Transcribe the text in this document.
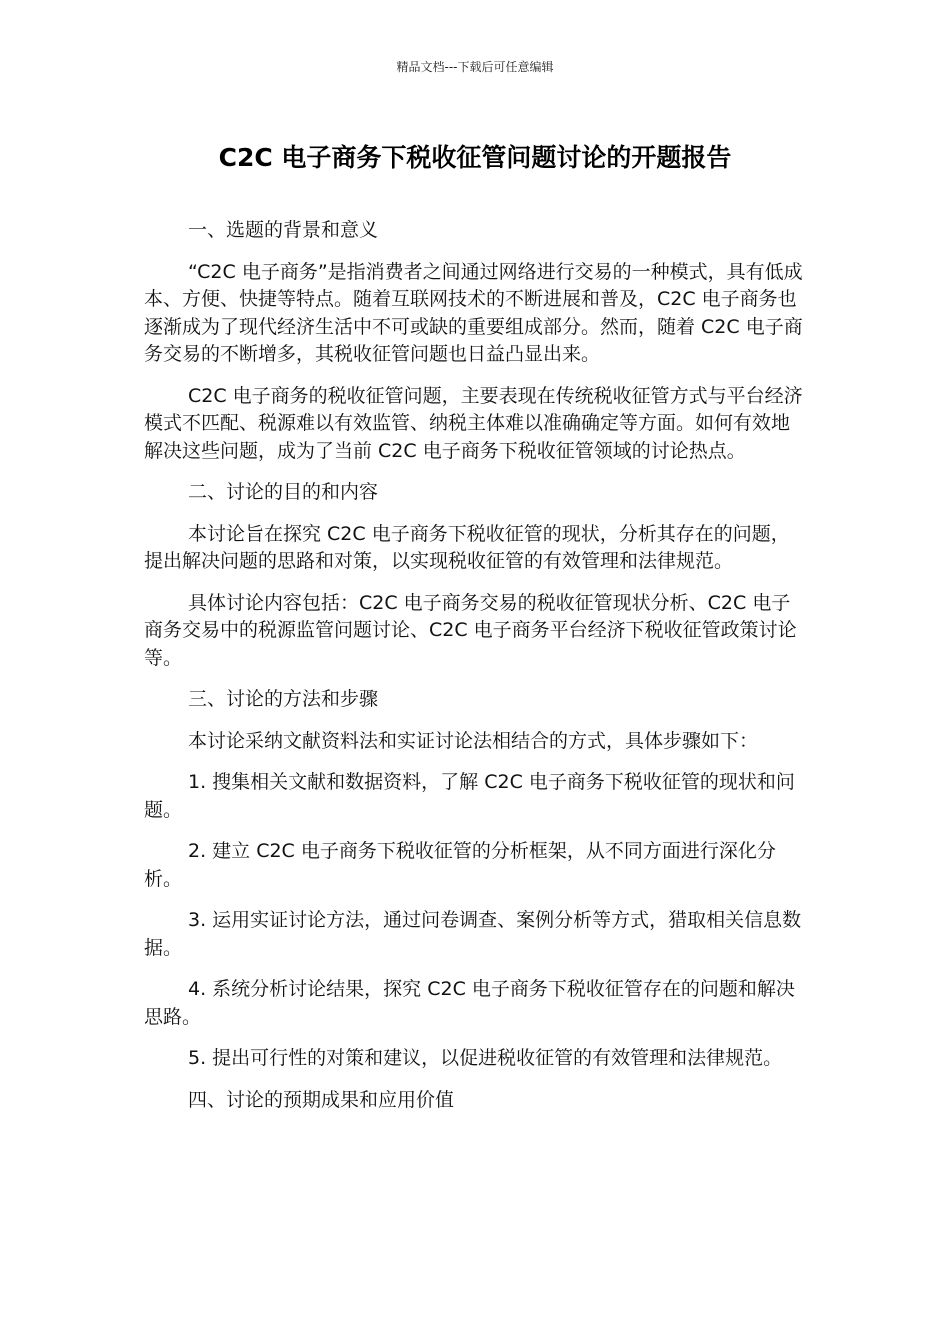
精品文档---下载后可任意编辑
C2C 电子商务下税收征管问题讨论的开题报告

一、选题的背景和意义

“C2C 电子商务”是指消费者之间通过网络进行交易的一种模式，具有低成本、方便、快捷等特点。随着互联网技术的不断进展和普及，C2C 电子商务也逐渐成为了现代经济生活中不可或缺的重要组成部分。然而，随着 C2C 电子商务交易的不断增多，其税收征管问题也日益凸显出来。

C2C 电子商务的税收征管问题，主要表现在传统税收征管方式与平台经济模式不匹配、税源难以有效监管、纳税主体难以准确确定等方面。如何有效地解决这些问题，成为了当前 C2C 电子商务下税收征管领域的讨论热点。

二、讨论的目的和内容

本讨论旨在探究 C2C 电子商务下税收征管的现状，分析其存在的问题，提出解决问题的思路和对策，以实现税收征管的有效管理和法律规范。

具体讨论内容包括：C2C 电子商务交易的税收征管现状分析、C2C 电子商务交易中的税源监管问题讨论、C2C 电子商务平台经济下税收征管政策讨论等。

三、讨论的方法和步骤

本讨论采纳文献资料法和实证讨论法相结合的方式，具体步骤如下：

1. 搜集相关文献和数据资料，了解 C2C 电子商务下税收征管的现状和问题。

2. 建立 C2C 电子商务下税收征管的分析框架，从不同方面进行深化分析。

3. 运用实证讨论方法，通过问卷调查、案例分析等方式，猎取相关信息数据。

4. 系统分析讨论结果，探究 C2C 电子商务下税收征管存在的问题和解决思路。

5. 提出可行性的对策和建议，以促进税收征管的有效管理和法律规范。

四、讨论的预期成果和应用价值
